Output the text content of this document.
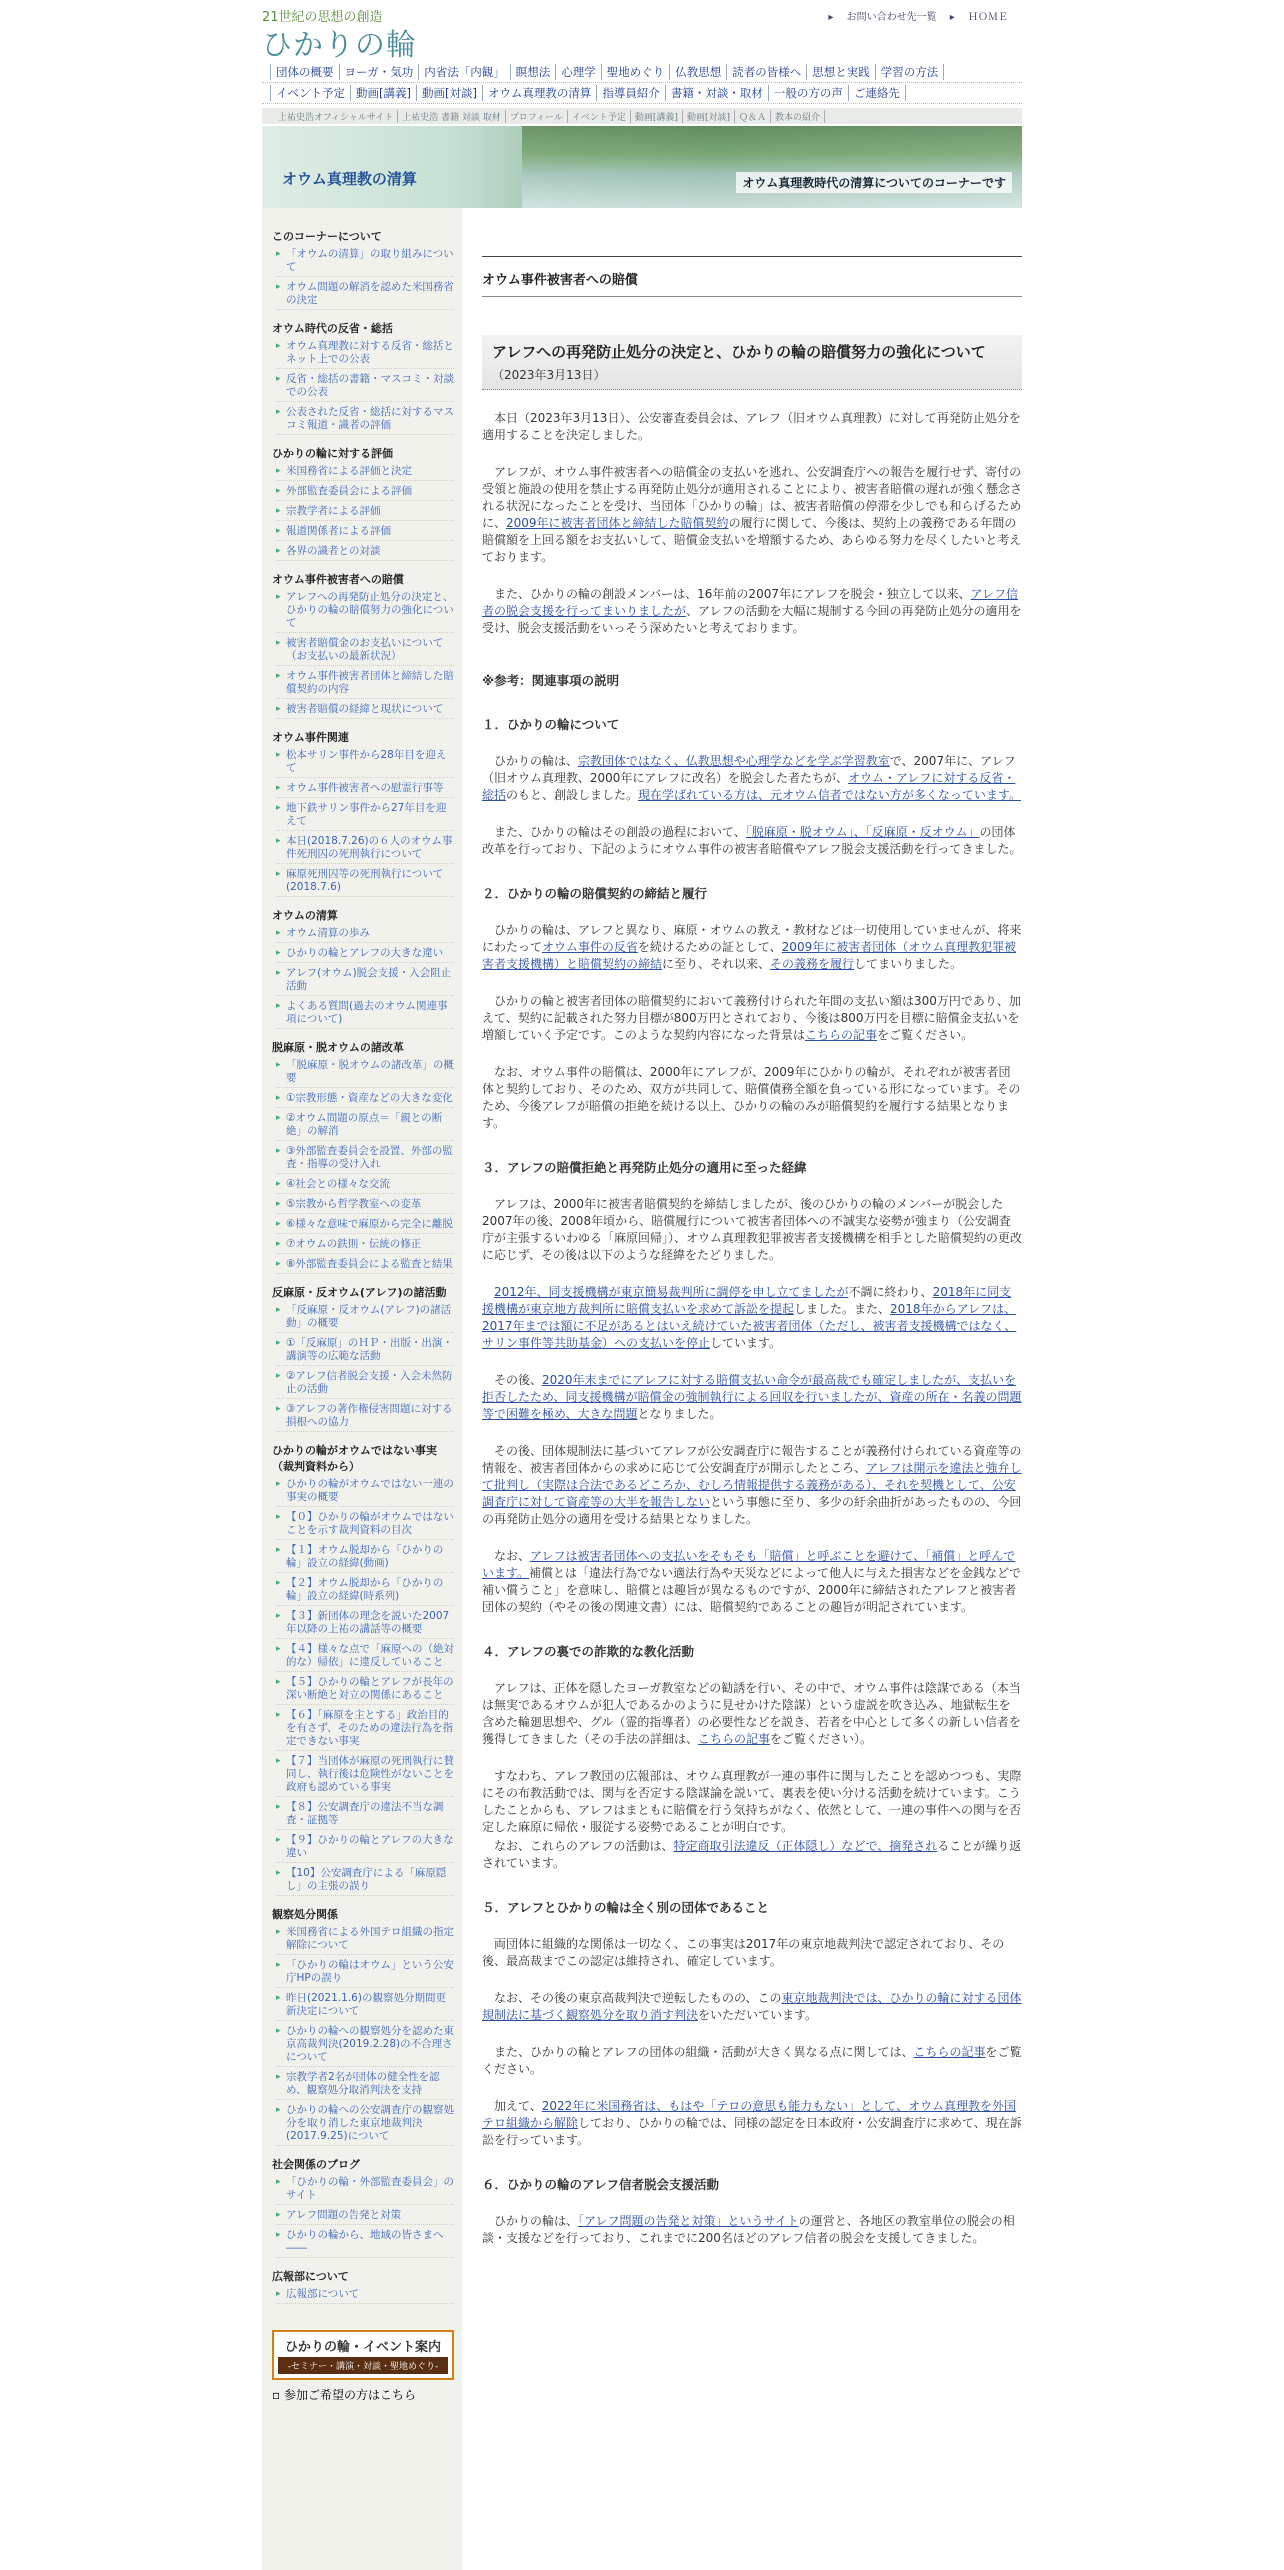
21世紀の思想の創造
ひかりの輪
▸ お問い合わせ先一覧 ▸ ＨＯＭＥ
団体の概要 ヨーガ・気功 内省法「内観」 瞑想法 心理学 聖地めぐり 仏教思想 読者の皆様へ 思想と実践 学習の方法
イベント予定 動画[講義] 動画[対談] オウム真理教の清算 指導員紹介 書籍・対談・取材 一般の方の声 ご連絡先
上祐史浩オフィシャルサイト	上祐史浩 書籍 対談 取材	プロフィール	イベント予定	動画[講義]	動画[対談]	Ｑ＆Ａ	教本の紹介
オウム真理教の清算	オウム真理教時代の清算についてのコーナーです
このコーナーについて
▸ 「オウムの清算」の取り組みについて
▸ オウム問題の解消を認めた米国務省の決定
オウム時代の反省・総括
▸ オウム真理教に対する反省・総括とネット上での公表
▸ 反省・総括の書籍・マスコミ・対談での公表
▸ 公表された反省・総括に対するマスコミ報道・識者の評価
ひかりの輪に対する評価
▸ 米国務省による評価と決定
▸ 外部監査委員会による評価
▸ 宗教学者による評価
▸ 報道関係者による評価
▸ 各界の識者との対談
オウム事件被害者への賠償
▸ アレフへの再発防止処分の決定と、ひかりの輪の賠償努力の強化について
▸ 被害者賠償金のお支払いについて（お支払いの最新状況）
▸ オウム事件被害者団体と締結した賠償契約の内容
▸ 被害者賠償の経緯と現状について
オウム事件関連
▸ 松本サリン事件から28年目を迎えて
▸ オウム事件被害者への慰霊行事等
▸ 地下鉄サリン事件から27年目を迎えて
▸ 本日(2018.7.26)の６人のオウム事件死刑囚の死刑執行について
▸ 麻原死刑囚等の死刑執行について(2018.7.6)
オウムの清算
▸ オウム清算の歩み
▸ ひかりの輪とアレフの大きな違い
▸ アレフ(オウム)脱会支援・入会阻止活動
▸ よくある質問(過去のオウム関連事項について)
脱麻原・脱オウムの諸改革
▸ 「脱麻原・脱オウムの諸改革」の概要
▸ ①宗教形態・資産などの大きな変化
▸ ②オウム問題の原点＝「親との断絶」の解消
▸ ③外部監査委員会を設置、外部の監査・指導の受け入れ
▸ ④社会との様々な交流
▸ ⑤宗教から哲学教室への変革
▸ ⑥様々な意味で麻原から完全に離脱
▸ ⑦オウムの鉄則・伝統の修正
▸ ⑧外部監査委員会による監査と結果
反麻原・反オウム(アレフ)の諸活動
▸ 「反麻原・反オウム(アレフ)の諸活動」の概要
▸ ①「反麻原」のＨＰ・出版・出演・講演等の広範な活動
▸ ②アレフ信者脱会支援・入会未然防止の活動
▸ ③アレフの著作権侵害問題に対する損根への協力
ひかりの輪がオウムではない事実（裁判資料から）
▸ ひかりの輪がオウムではない一連の事実の概要
▸ 【０】ひかりの輪がオウムではないことを示す裁判資料の目次
▸ 【１】オウム脱却から「ひかりの輪」設立の経緯(動画)
▸ 【２】オウム脱却から「ひかりの輪」設立の経緯(時系列)
▸ 【３】新団体の理念を説いた2007年以降の上祐の講話等の概要
▸ 【４】様々な点で「麻原への（絶対的な）帰依」に違反していること
▸ 【５】ひかりの輪とアレフが長年の深い断絶と対立の関係にあること
▸ 【６】「麻原を主とする」政治目的を有さず、そのための違法行為を指定できない事実
▸ 【７】当団体が麻原の死刑執行に賛同し、執行後は危険性がないことを政府も認めている事実
▸ 【８】公安調査庁の違法不当な調査・証拠等
▸ 【９】ひかりの輪とアレフの大きな違い
▸ 【10】公安調査庁による「麻原隠し」の主張の誤り
観察処分関係
▸ 米国務省による外国テロ組織の指定解除について
▸ 「ひかりの輪はオウム」という公安庁HPの誤り
▸ 昨日(2021.1.6)の観察処分期間更新決定について
▸ ひかりの輪への観察処分を認めた東京高裁判決(2019.2.28)の不合理さについて
▸ 宗教学者2名が団体の健全性を認め、観察処分取消判決を支持
▸ ひかりの輪への公安調査庁の観察処分を取り消した東京地裁判決(2017.9.25)について
社会関係のブログ
▸ 「ひかりの輪・外部監査委員会」のサイト
▸ アレフ問題の告発と対策
▸ ひかりの輪から、地域の皆さまへ――
広報部について
▸ 広報部について
ひかりの輪・イベント案内
-セミナー・講演・対談・聖地めぐり-
▫ 参加ご希望の方はこちら
オウム事件被害者への賠償
アレフへの再発防止処分の決定と、ひかりの輪の賠償努力の強化について
（2023年3月13日）

本日（2023年3月13日）、公安審査委員会は、アレフ（旧オウム真理教）に対して再発防止処分を適用することを決定しました。

アレフが、オウム事件被害者への賠償金の支払いを逃れ、公安調査庁への報告を履行せず、寄付の受領と施設の使用を禁止する再発防止処分が適用されることにより、被害者賠償の遅れが強く懸念される状況になったことを受け、当団体「ひかりの輪」は、被害者賠償の停滞を少しでも和らげるために、2009年に被害者団体と締結した賠償契約の履行に関して、今後は、契約上の義務である年間の賠償額を上回る額をお支払いして、賠償金支払いを増額するため、あらゆる努力を尽くしたいと考えております。

また、ひかりの輪の創設メンバーは、16年前の2007年にアレフを脱会・独立して以来、アレフ信者の脱会支援を行ってまいりましたが、アレフの活動を大幅に規制する今回の再発防止処分の適用を受け、脱会支援活動をいっそう深めたいと考えております。

※参考：関連事項の説明
１．ひかりの輪について

ひかりの輪は、宗教団体ではなく、仏教思想や心理学などを学ぶ学習教室で、2007年に、アレフ（旧オウム真理教、2000年にアレフに改名）を脱会した者たちが、オウム・アレフに対する反省・総括のもと、創設しました。現在学ばれている方は、元オウム信者ではない方が多くなっています。

また、ひかりの輪はその創設の過程において、「脱麻原・脱オウム」、「反麻原・反オウム」の団体改革を行っており、下記のようにオウム事件の被害者賠償やアレフ脱会支援活動を行ってきました。

２．ひかりの輪の賠償契約の締結と履行

ひかりの輪は、アレフと異なり、麻原・オウムの教え・教材などは一切使用していませんが、将来にわたってオウム事件の反省を続けるための証として、2009年に被害者団体（オウム真理教犯罪被害者支援機構）と賠償契約の締結に至り、それ以来、その義務を履行してまいりました。

ひかりの輪と被害者団体の賠償契約において義務付けられた年間の支払い額は300万円であり、加えて、契約に記載された努力目標が800万円とされており、今後は800万円を目標に賠償金支払いを増額していく予定です。このような契約内容になった背景はこちらの記事をご覧ください。

なお、オウム事件の賠償は、2000年にアレフが、2009年にひかりの輪が、それぞれが被害者団体と契約しており、そのため、双方が共同して、賠償債務全額を負っている形になっています。そのため、今後アレフが賠償の拒絶を続ける以上、ひかりの輪のみが賠償契約を履行する結果となります。

３．アレフの賠償拒絶と再発防止処分の適用に至った経緯

アレフは、2000年に被害者賠償契約を締結しましたが、後のひかりの輪のメンバーが脱会した2007年の後、2008年頃から、賠償履行について被害者団体への不誠実な姿勢が強まり（公安調査庁が主張するいわゆる「麻原回帰」）、オウム真理教犯罪被害者支援機構を相手とした賠償契約の更改に応じず、その後は以下のような経緯をたどりました。

2012年、同支援機構が東京簡易裁判所に調停を申し立てましたが不調に終わり、2018年に同支援機構が東京地方裁判所に賠償支払いを求めて訴訟を提起しました。また、2018年からアレフは、2017年までは額に不足があるとはいえ続けていた被害者団体（ただし、被害者支援機構ではなく、サリン事件等共助基金）への支払いを停止しています。

その後、2020年末までにアレフに対する賠償支払い命令が最高裁でも確定しましたが、支払いを拒否したため、同支援機構が賠償金の強制執行による回収を行いましたが、資産の所在・名義の問題等で困難を極め、大きな問題となりました。

その後、団体規制法に基づいてアレフが公安調査庁に報告することが義務付けられている資産等の情報を、被害者団体からの求めに応じて公安調査庁が開示したところ、アレフは開示を違法と強弁して批判し（実際は合法であるどころか、むしろ情報提供する義務がある）、それを契機として、公安調査庁に対して資産等の大半を報告しないという事態に至り、多少の紆余曲折があったものの、今回の再発防止処分の適用を受ける結果となりました。

なお、アレフは被害者団体への支払いをそもそも「賠償」と呼ぶことを避けて、「補償」と呼んでいます。補償とは「違法行為でない適法行為や天災などによって他人に与えた損害などを金銭などで補い償うこと」を意味し、賠償とは趣旨が異なるものですが、2000年に締結されたアレフと被害者団体の契約（やその後の関連文書）には、賠償契約であることの趣旨が明記されています。

４．アレフの裏での詐欺的な教化活動

アレフは、正体を隠したヨーガ教室などの勧誘を行い、その中で、オウム事件は陰謀である（本当は無実であるオウムが犯人であるかのように見せかけた陰謀）という虚説を吹き込み、地獄転生を含めた輪廻思想や、グル（霊的指導者）の必要性などを説き、若者を中心として多くの新しい信者を獲得してきました（その手法の詳細は、こちらの記事をご覧ください）。

すなわち、アレフ教団の広報部は、オウム真理教が一連の事件に関与したことを認めつつも、実際にその布教活動では、関与を否定する陰謀論を説いて、裏表を使い分ける活動を続けています。こうしたことからも、アレフはまともに賠償を行う気持ちがなく、依然として、一連の事件への関与を否定した麻原に帰依・服従する姿勢であることが明白です。

なお、これらのアレフの活動は、特定商取引法違反（正体隠し）などで、摘発されることが繰り返されています。

５．アレフとひかりの輪は全く別の団体であること

両団体に組織的な関係は一切なく、この事実は2017年の東京地裁判決で認定されており、その後、最高裁までこの認定は維持され、確定しています。

なお、その後の東京高裁判決で逆転したものの、この東京地裁判決では、ひかりの輪に対する団体規制法に基づく観察処分を取り消す判決をいただいています。

また、ひかりの輪とアレフの団体の組織・活動が大きく異なる点に関しては、こちらの記事をご覧ください。

加えて、2022年に米国務省は、もはや「テロの意思も能力もない」として、オウム真理教を外国テロ組織から解除しており、ひかりの輪では、同様の認定を日本政府・公安調査庁に求めて、現在訴訟を行っています。

６．ひかりの輪のアレフ信者脱会支援活動

ひかりの輪は、「アレフ問題の告発と対策」というサイトの運営と、各地区の教室単位の脱会の相談・支援などを行っており、これまでに200名ほどのアレフ信者の脱会を支援してきました。
